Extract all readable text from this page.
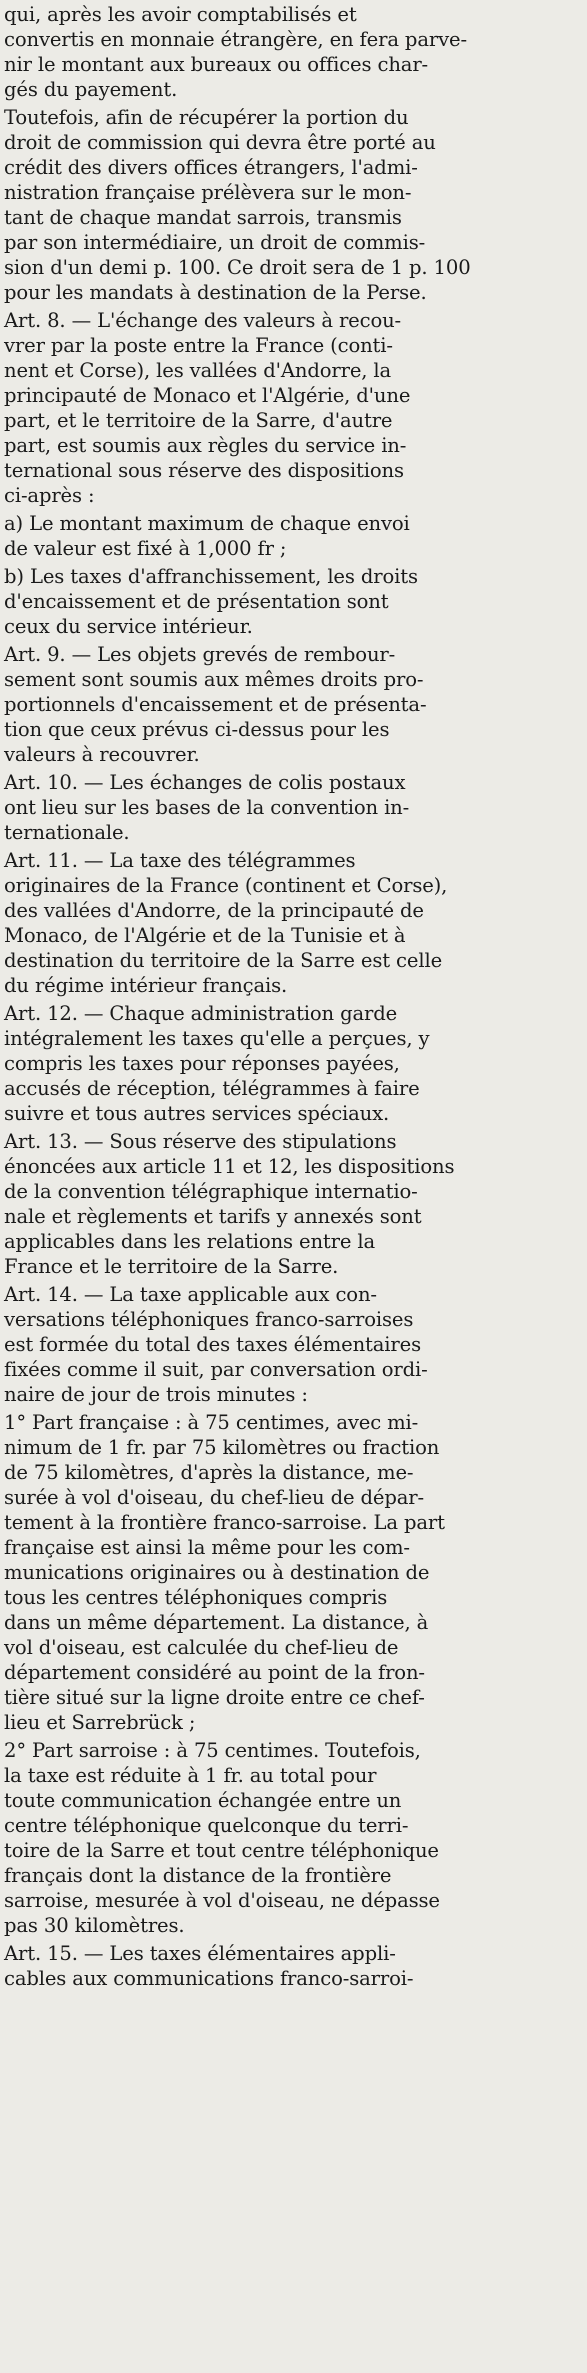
qui, après les avoir comptabilisés et
convertis en monnaie étrangère, en fera parve-
nir le montant aux bureaux ou offices char-
gés du payement.

Toutefois, afin de récupérer la portion du
droit de commission qui devra être porté au
crédit des divers offices étrangers, l'admi-
nistration française prélèvera sur le mon-
tant de chaque mandat sarrois, transmis
par son intermédiaire, un droit de commis-
sion d'un demi p. 100. Ce droit sera de 1 p. 100
pour les mandats à destination de la Perse.

Art. 8. — L'échange des valeurs à recou-
vrer par la poste entre la France (conti-
nent et Corse), les vallées d'Andorre, la
principauté de Monaco et l'Algérie, d'une
part, et le territoire de la Sarre, d'autre
part, est soumis aux règles du service in-
ternational sous réserve des dispositions
ci-après :

a) Le montant maximum de chaque envoi
de valeur est fixé à 1,000 fr ;

b) Les taxes d'affranchissement, les droits
d'encaissement et de présentation sont
ceux du service intérieur.

Art. 9. — Les objets grevés de rembour-
sement sont soumis aux mêmes droits pro-
portionnels d'encaissement et de présenta-
tion que ceux prévus ci-dessus pour les
valeurs à recouvrer.

Art. 10. — Les échanges de colis postaux
ont lieu sur les bases de la convention in-
ternationale.

Art. 11. — La taxe des télégrammes
originaires de la France (continent et Corse),
des vallées d'Andorre, de la principauté de
Monaco, de l'Algérie et de la Tunisie et à
destination du territoire de la Sarre est celle
du régime intérieur français.

Art. 12. — Chaque administration garde
intégralement les taxes qu'elle a perçues, y
compris les taxes pour réponses payées,
accusés de réception, télégrammes à faire
suivre et tous autres services spéciaux.

Art. 13. — Sous réserve des stipulations
énoncées aux article 11 et 12, les dispositions
de la convention télégraphique internatio-
nale et règlements et tarifs y annexés sont
applicables dans les relations entre la
France et le territoire de la Sarre.

Art. 14. — La taxe applicable aux con-
versations téléphoniques franco-sarroises
est formée du total des taxes élémentaires
fixées comme il suit, par conversation ordi-
naire de jour de trois minutes :

1° Part française : à 75 centimes, avec mi-
nimum de 1 fr. par 75 kilomètres ou fraction
de 75 kilomètres, d'après la distance, me-
surée à vol d'oiseau, du chef-lieu de dépar-
tement à la frontière franco-sarroise. La part
française est ainsi la même pour les com-
munications originaires ou à destination de
tous les centres téléphoniques compris
dans un même département. La distance, à
vol d'oiseau, est calculée du chef-lieu de
département considéré au point de la fron-
tière situé sur la ligne droite entre ce chef-
lieu et Sarrebrück ;

2° Part sarroise : à 75 centimes. Toutefois,
la taxe est réduite à 1 fr. au total pour
toute communication échangée entre un
centre téléphonique quelconque du terri-
toire de la Sarre et tout centre téléphonique
français dont la distance de la frontière
sarroise, mesurée à vol d'oiseau, ne dépasse
pas 30 kilomètres.

Art. 15. — Les taxes élémentaires appli-
cables aux communications franco-sarroi-
